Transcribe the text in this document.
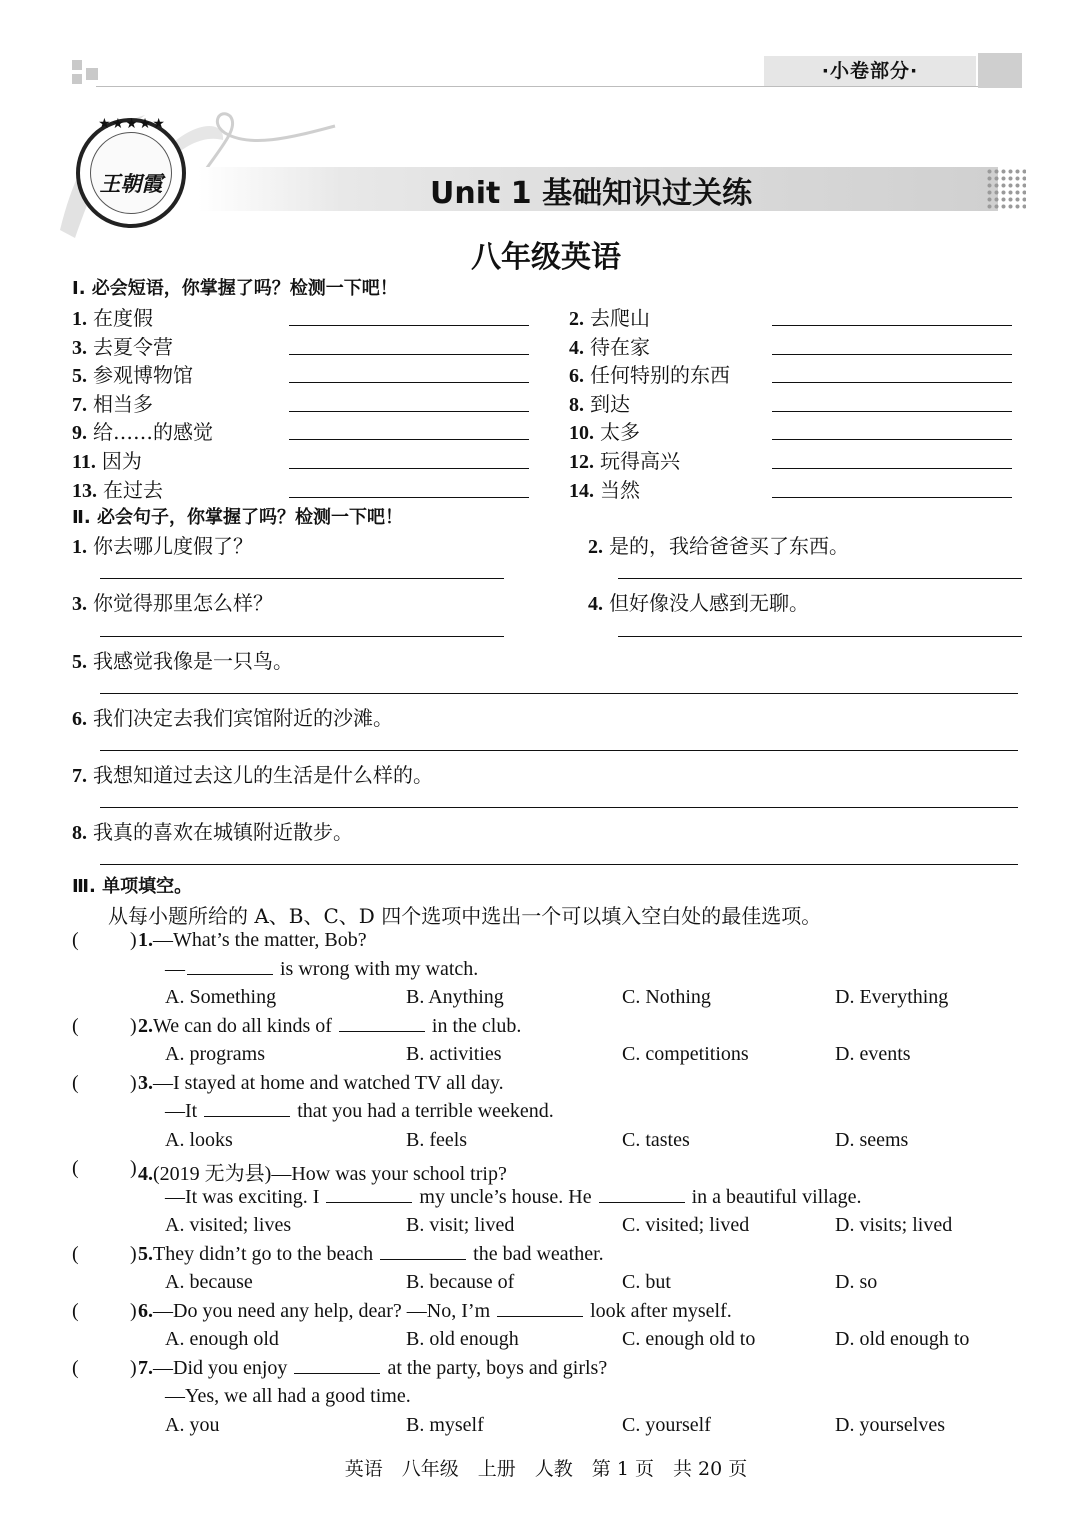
·小卷部分·
★★★★★
王朝霞	Unit 1 基础知识过关练
八年级英语
Ⅰ. 必会短语，你掌握了吗？检测一下吧！
1. 在度假	2. 去爬山
3. 去夏令营	4. 待在家
5. 参观博物馆	6. 任何特别的东西
7. 相当多	8. 到达
9. 给……的感觉	10. 太多
11. 因为	12. 玩得高兴
13. 在过去	14. 当然
Ⅱ. 必会句子，你掌握了吗？检测一下吧！
1. 你去哪儿度假了？	2. 是的，我给爸爸买了东西。
3. 你觉得那里怎么样？	4. 但好像没人感到无聊。
5. 我感觉我像是一只鸟。
6. 我们决定去我们宾馆附近的沙滩。
7. 我想知道过去这儿的生活是什么样的。
8. 我真的喜欢在城镇附近散步。
Ⅲ. 单项填空。
从每小题所给的 A、B、C、D 四个选项中选出一个可以填入空白处的最佳选项。
(	) 1.—What’s the matter, Bob?
—	is wrong with my watch.
A. Something	B. Anything	C. Nothing	D. Everything
(	) 2.We can do all kinds of	in the club.
A. programs	B. activities	C. competitions	D. events
(	) 3.—I stayed at home and watched TV all day.
—It	that you had a terrible weekend.
A. looks	B. feels	C. tastes	D. seems
(	) 4.(2019 无为县)—How was your school trip?
—It was exciting. I	my uncle’s house. He	in a beautiful village.
A. visited; lives	B. visit; lived	C. visited; lived	D. visits; lived
(	) 5.They didn’t go to the beach	the bad weather.
A. because	B. because of	C. but	D. so
(	) 6.—Do you need any help, dear? —No, I’m	look after myself.
A. enough old	B. old enough	C. enough old to	D. old enough to
(	) 7.—Did you enjoy	at the party, boys and girls?
—Yes, we all had a good time.
A. you	B. myself	C. yourself	D. yourselves
英语　八年级　上册　人教　第 1 页　共 20 页
